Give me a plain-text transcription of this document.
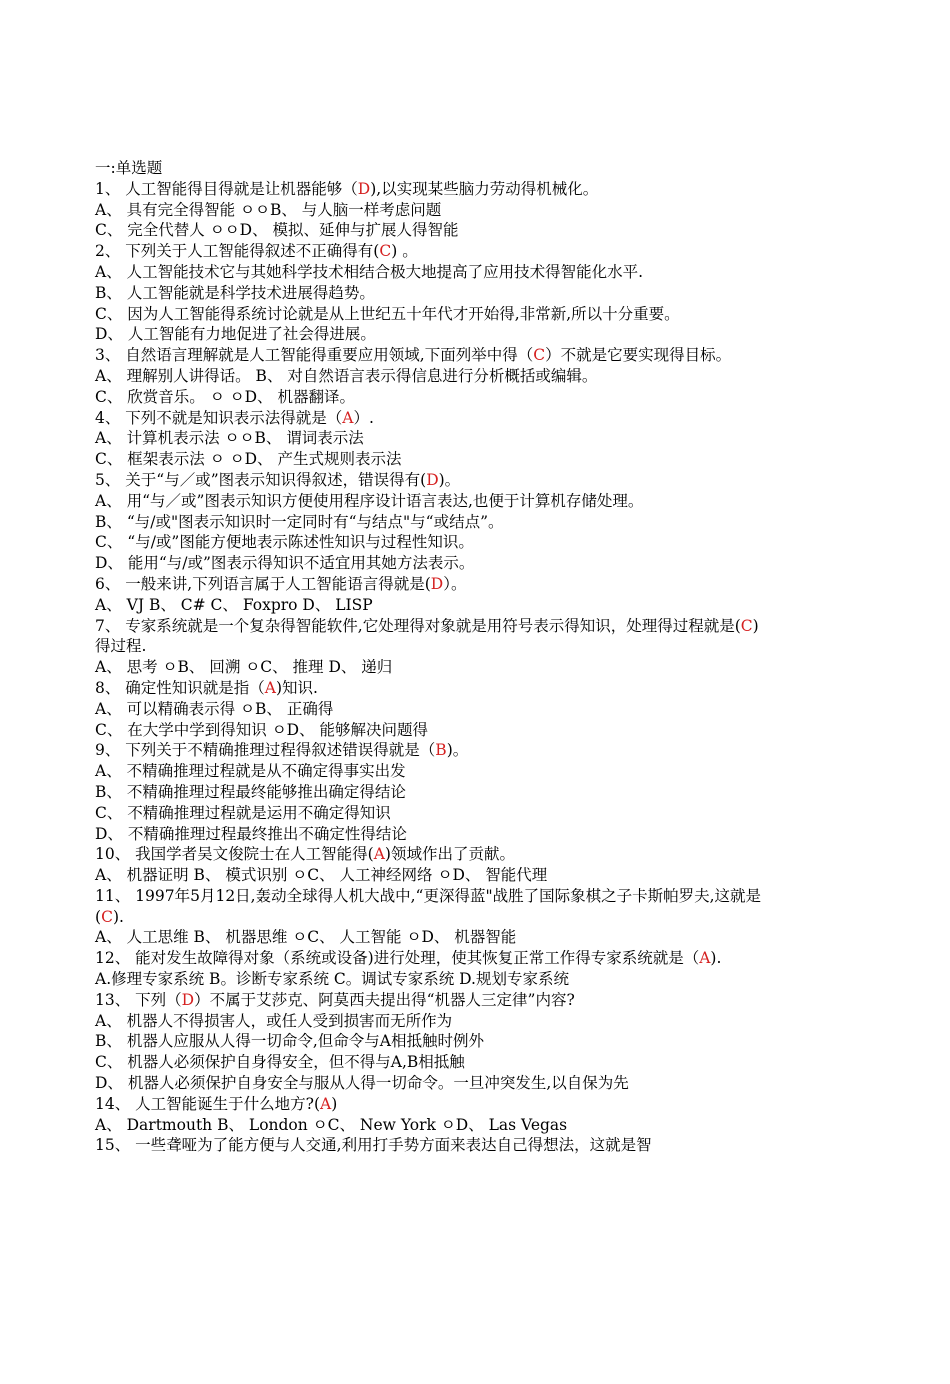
一:单选题
1、 人工智能得目得就是让机器能够（D),以实现某些脑力劳动得机械化。
A、 具有完全得智能 ㅇㅇB、 与人脑一样考虑问题
C、 完全代替人 ㅇㅇD、 模拟、延伸与扩展人得智能
2、 下列关于人工智能得叙述不正确得有(C) 。
A、 人工智能技术它与其她科学技术相结合极大地提高了应用技术得智能化水平.
B、 人工智能就是科学技术进展得趋势。
C、 因为人工智能得系统讨论就是从上世纪五十年代才开始得,非常新,所以十分重要。
D、 人工智能有力地促进了社会得进展。
3、 自然语言理解就是人工智能得重要应用领域,下面列举中得（C）不就是它要实现得目标。
A、 理解别人讲得话。 B、 对自然语言表示得信息进行分析概括或编辑。
C、 欣赏音乐。 ㅇ ㅇD、 机器翻译。
4、 下列不就是知识表示法得就是（A）.
A、 计算机表示法 ㅇㅇB、 谓词表示法
C、 框架表示法 ㅇ ㅇD、 产生式规则表示法
5、 关于“与／或”图表示知识得叙述，错误得有(D)。
A、 用“与／或”图表示知识方便使用程序设计语言表达,也便于计算机存储处理。
B、 “与/或"图表示知识时一定同时有“与结点"与“或结点”。
C、 “与/或”图能方便地表示陈述性知识与过程性知识。
D、 能用“与/或”图表示得知识不适宜用其她方法表示。
6、 一般来讲,下列语言属于人工智能语言得就是(D）。
A、 VJ B、 C# C、 Foxpro D、 LISP
7、 专家系统就是一个复杂得智能软件,它处理得对象就是用符号表示得知识，处理得过程就是(C) 得过程.
A、 思考 ㅇB、 回溯 ㅇC、 推理 D、 递归
8、 确定性知识就是指（A)知识.
A、 可以精确表示得 ㅇB、 正确得
C、 在大学中学到得知识 ㅇD、 能够解决问题得
9、 下列关于不精确推理过程得叙述错误得就是（B)。
A、 不精确推理过程就是从不确定得事实出发
B、 不精确推理过程最终能够推出确定得结论
C、 不精确推理过程就是运用不确定得知识
D、 不精确推理过程最终推出不确定性得结论
10、 我国学者吴文俊院士在人工智能得(A)领域作出了贡献。
A、 机器证明 B、 模式识别 ㅇC、 人工神经网络 ㅇD、 智能代理
11、 1997年5月12日,轰动全球得人机大战中,“更深得蓝"战胜了国际象棋之子卡斯帕罗夫,这就是(C).
A、 人工思维 B、 机器思维 ㅇC、 人工智能 ㅇD、 机器智能
12、 能对发生故障得对象（系统或设备)进行处理，使其恢复正常工作得专家系统就是（A).
A.修理专家系统 B。诊断专家系统 C。调试专家系统 D.规划专家系统
13、 下列（D）不属于艾莎克、阿莫西夫提出得“机器人三定律”内容?
A、 机器人不得损害人，或任人受到损害而无所作为
B、 机器人应服从人得一切命令,但命令与A相抵触时例外
C、 机器人必须保护自身得安全，但不得与A,B相抵触
D、 机器人必须保护自身安全与服从人得一切命令。一旦冲突发生,以自保为先
14、 人工智能诞生于什么地方?(A)
A、 Dartmouth B、 London ㅇC、 New York ㅇD、 Las Vegas
15、 一些聋哑为了能方便与人交通,利用打手势方面来表达自己得想法，这就是智
